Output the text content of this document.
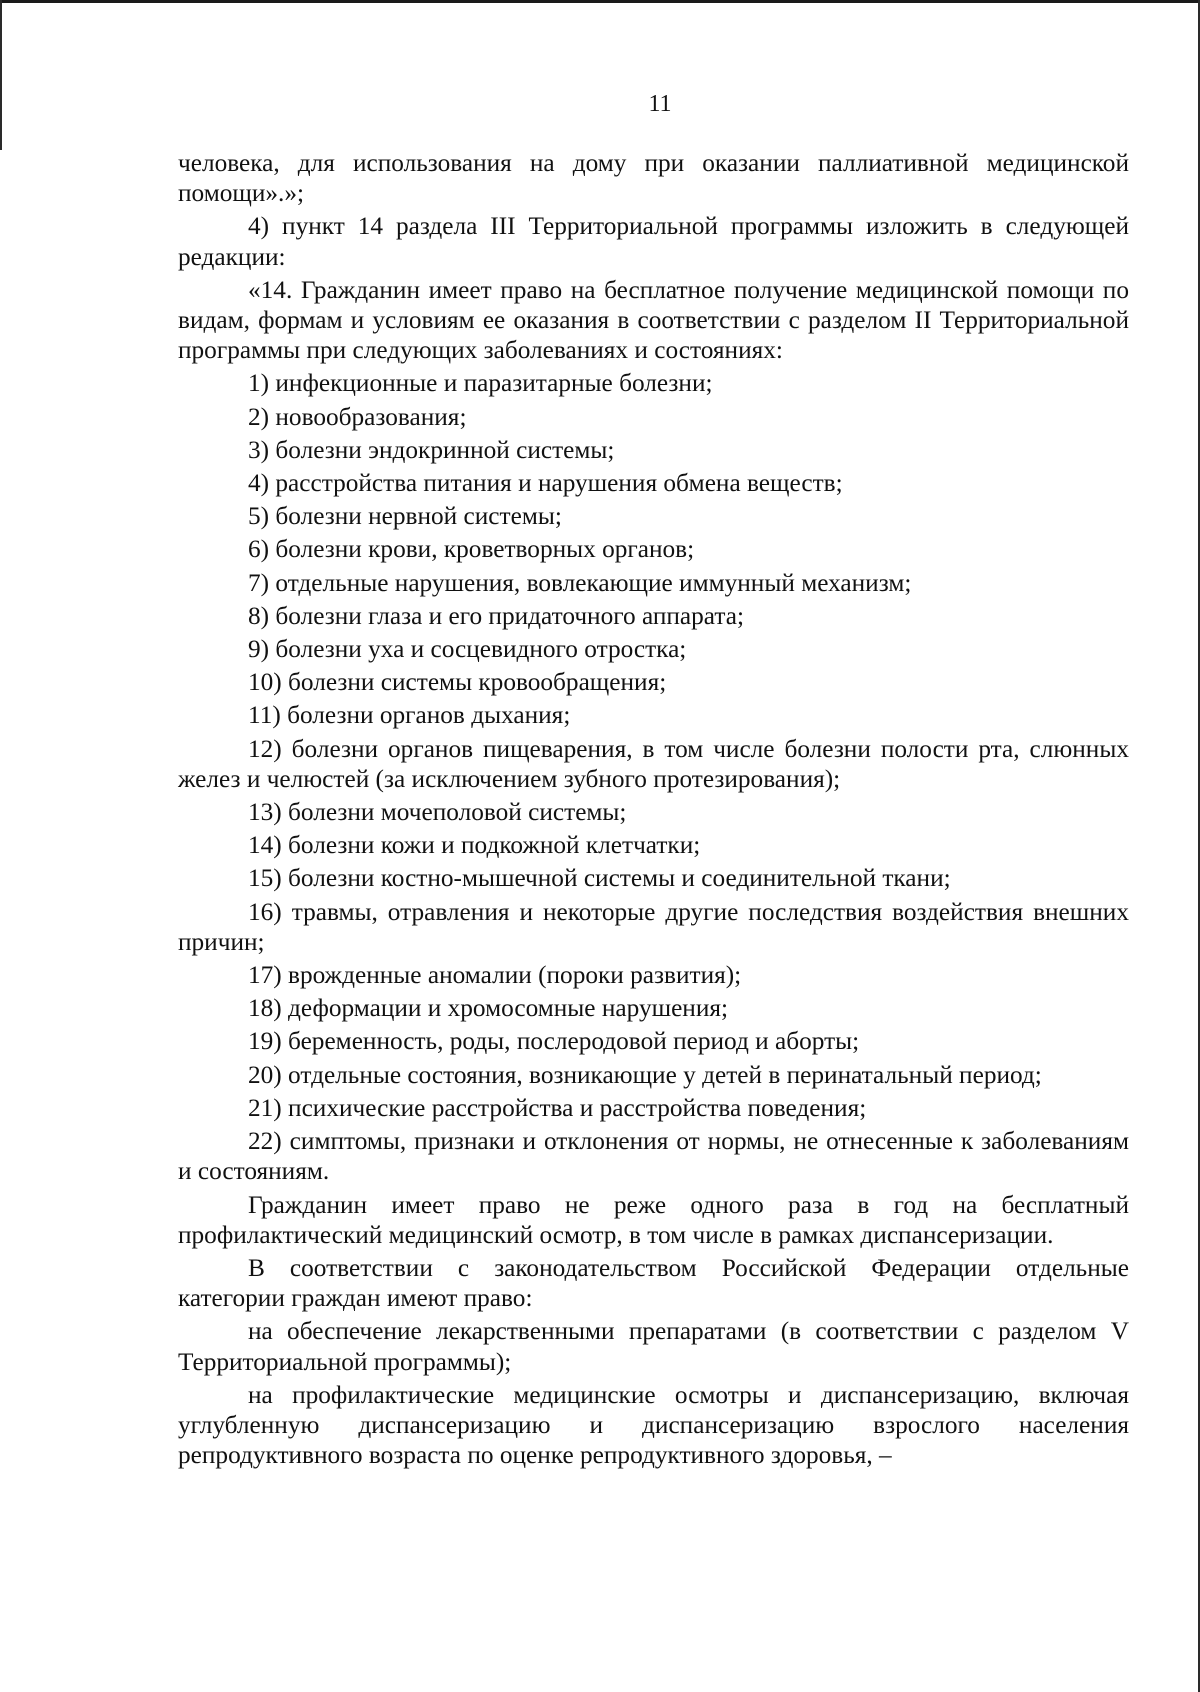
11

человека, для использования на дому при оказании паллиативной медицинской помощи».»;

4) пункт 14 раздела III Территориальной программы изложить в следующей редакции:

«14. Гражданин имеет право на бесплатное получение медицинской помощи по видам, формам и условиям ее оказания в соответствии с разделом II Территориальной программы при следующих заболеваниях и состояниях:

1) инфекционные и паразитарные болезни;

2) новообразования;

3) болезни эндокринной системы;

4) расстройства питания и нарушения обмена веществ;

5) болезни нервной системы;

6) болезни крови, кроветворных органов;

7) отдельные нарушения, вовлекающие иммунный механизм;

8) болезни глаза и его придаточного аппарата;

9) болезни уха и сосцевидного отростка;

10) болезни системы кровообращения;

11) болезни органов дыхания;

12) болезни органов пищеварения, в том числе болезни полости рта, слюнных желез и челюстей (за исключением зубного протезирования);

13) болезни мочеполовой системы;

14) болезни кожи и подкожной клетчатки;

15) болезни костно-мышечной системы и соединительной ткани;

16) травмы, отравления и некоторые другие последствия воздействия внешних причин;

17) врожденные аномалии (пороки развития);

18) деформации и хромосомные нарушения;

19) беременность, роды, послеродовой период и аборты;

20) отдельные состояния, возникающие у детей в перинатальный период;

21) психические расстройства и расстройства поведения;

22) симптомы, признаки и отклонения от нормы, не отнесенные к заболеваниям и состояниям.

Гражданин имеет право не реже одного раза в год на бесплатный профилактический медицинский осмотр, в том числе в рамках диспансеризации.

В соответствии с законодательством Российской Федерации отдельные категории граждан имеют право:

на обеспечение лекарственными препаратами (в соответствии с разделом V Территориальной программы);

на профилактические медицинские осмотры и диспансеризацию, включая углубленную диспансеризацию и диспансеризацию взрослого населения репродуктивного возраста по оценке репродуктивного здоровья, –
